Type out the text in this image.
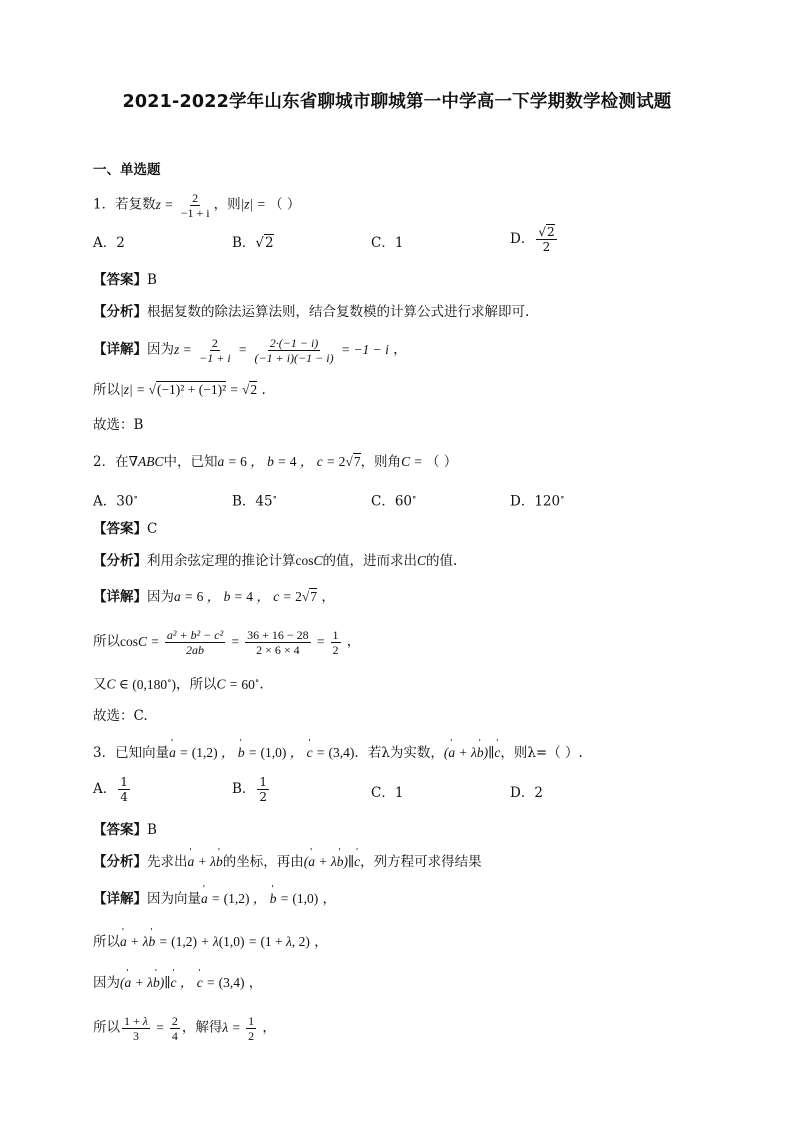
2021-2022学年山东省聊城市聊城第一中学高一下学期数学检测试题
一、单选题
1．若复数$z = \frac{2}{-1 + i}$ ，则|z| = （ ）
A．2	B．√2	C．1	D． $\frac{√2}{2}$
【答案】B
【分析】根据复数的除法运算法则，结合复数模的计算公式进行求解即可.
【详解】因为$z = \frac{2}{-1 + i} = \frac{2\cdot(-1 - i)}{(-1 + i)(-1 - i)} = -1 - i$ ，
所以|z| = √(−1)² + (−1)² = √2 .
故选：B
2．在∇ABC中，已知a = 6 ， b = 4 ， c = 2√7，则角C = （ ）
A．30∘	B．45∘	C．60∘	D．120∘
【答案】C
【分析】利用余弦定理的推论计算cosC的值，进而求出C的值.
【详解】因为a = 6 ， b = 4 ， c = 2√7 ，
所以$\cos C = \frac{\text{a² + b² − c²}}{2ab} = \frac{36 + 16 - 28}{2 \times 6 \times 4} = \frac{1}{2}$ ，
又C ∈ (0,180∘)，所以C = 60∘.
故选：C.
3．已知向量' a = (1,2) ， ' b = (1,0) ， ' c = (3,4)．若λ为实数，(' a + λ' b)∥' c，则λ=（ ）.
A． $\frac{1}{4}$	B． $\frac{1}{2}$	C．1	D．2
【答案】B
【分析】先求出' a + λ' b的坐标，再由(' a + λ' b)∥' c，列方程可求得结果
【详解】因为向量' a = (1,2) ， ' b = (1,0) ，
所以' a + λ' b = (1,2) + λ(1,0) = (1 + λ, 2) ，
因为(' a + λ' b)∥' c ， ' c = (3,4) ，
所以 $\frac{1 + \lambda}{3} = \frac{2}{4}$ ，解得$\lambda = \frac{1}{2}$ ，
